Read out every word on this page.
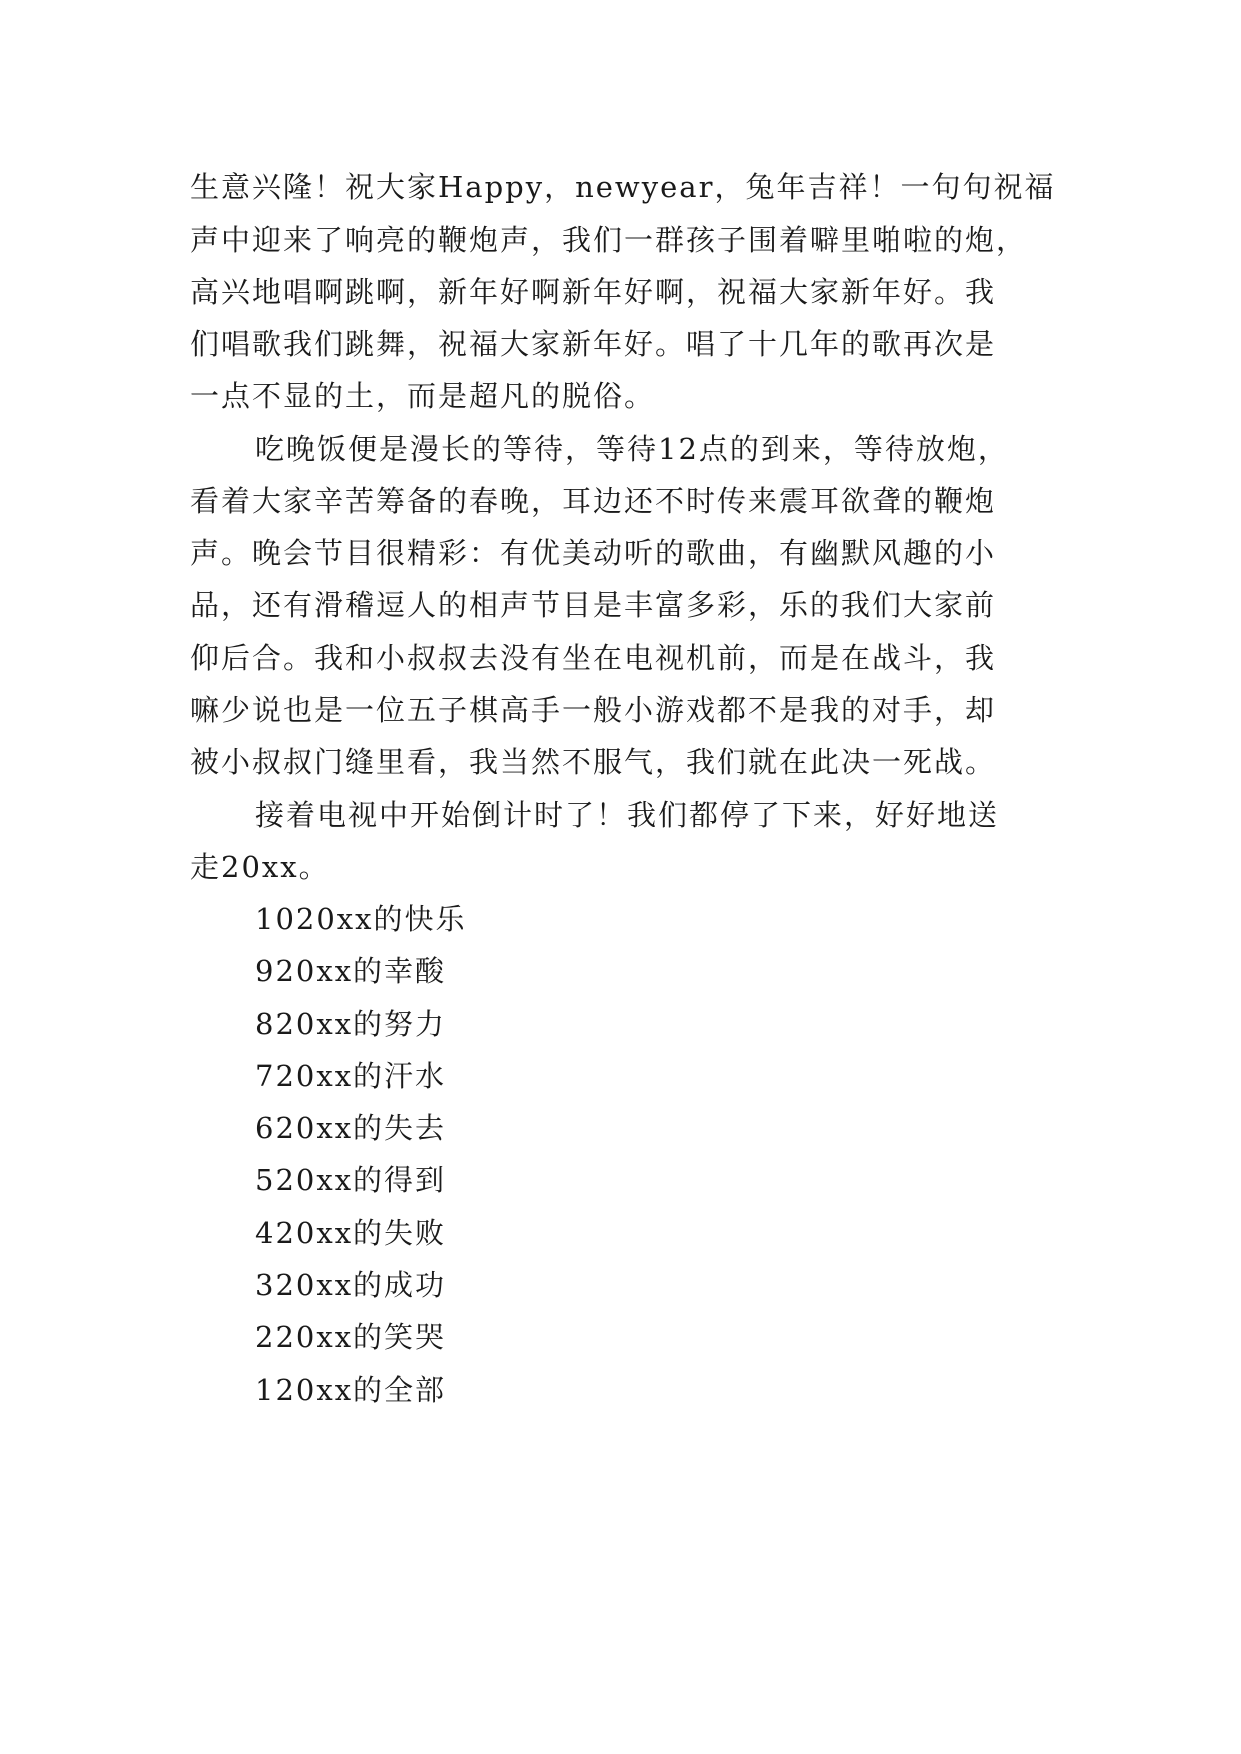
生意兴隆！祝大家Happy，newyear，兔年吉祥！一句句祝福
声中迎来了响亮的鞭炮声，我们一群孩子围着噼里啪啦的炮，
高兴地唱啊跳啊，新年好啊新年好啊，祝福大家新年好。我
们唱歌我们跳舞，祝福大家新年好。唱了十几年的歌再次是
一点不显的土，而是超凡的脱俗。
吃晚饭便是漫长的等待，等待12点的到来，等待放炮，
看着大家辛苦筹备的春晚，耳边还不时传来震耳欲聋的鞭炮
声。晚会节目很精彩：有优美动听的歌曲，有幽默风趣的小
品，还有滑稽逗人的相声节目是丰富多彩，乐的我们大家前
仰后合。我和小叔叔去没有坐在电视机前，而是在战斗，我
嘛少说也是一位五子棋高手一般小游戏都不是我的对手，却
被小叔叔门缝里看，我当然不服气，我们就在此决一死战。
接着电视中开始倒计时了！我们都停了下来，好好地送
走20xx。
1020xx的快乐
920xx的幸酸
820xx的努力
720xx的汗水
620xx的失去
520xx的得到
420xx的失败
320xx的成功
220xx的笑哭
120xx的全部
